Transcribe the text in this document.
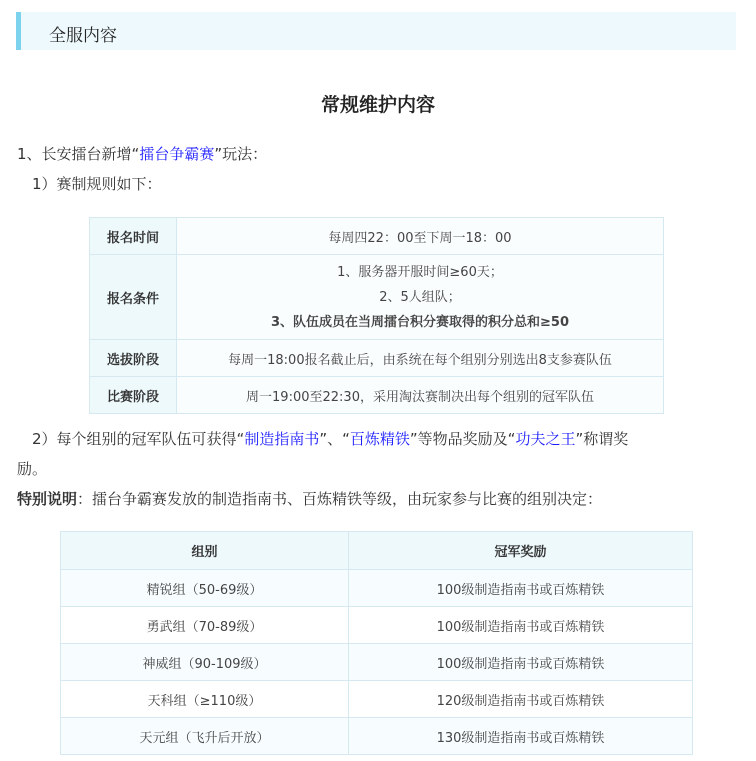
全服内容
常规维护内容
1、长安擂台新增“擂台争霸赛”玩法：
1）赛制规则如下：
报名时间	每周四22：00至下周一18：00
报名条件	1、服务器开服时间≥60天；
2、5人组队；
3、队伍成员在当周擂台积分赛取得的积分总和≥50

选拔阶段	每周一18:00报名截止后，由系统在每个组别分别选出8支参赛队伍
比赛阶段	周一19:00至22:30，采用淘汰赛制决出每个组别的冠军队伍
2）每个组别的冠军队伍可获得“制造指南书”、“百炼精铁”等物品奖励及“功夫之王”称谓奖
励。
特别说明：擂台争霸赛发放的制造指南书、百炼精铁等级，由玩家参与比赛的组别决定：
组别	冠军奖励
精锐组（50-69级）	100级制造指南书或百炼精铁
勇武组（70-89级）	100级制造指南书或百炼精铁
神威组（90-109级）	100级制造指南书或百炼精铁
天科组（≥110级）	120级制造指南书或百炼精铁
天元组（飞升后开放）	130级制造指南书或百炼精铁
